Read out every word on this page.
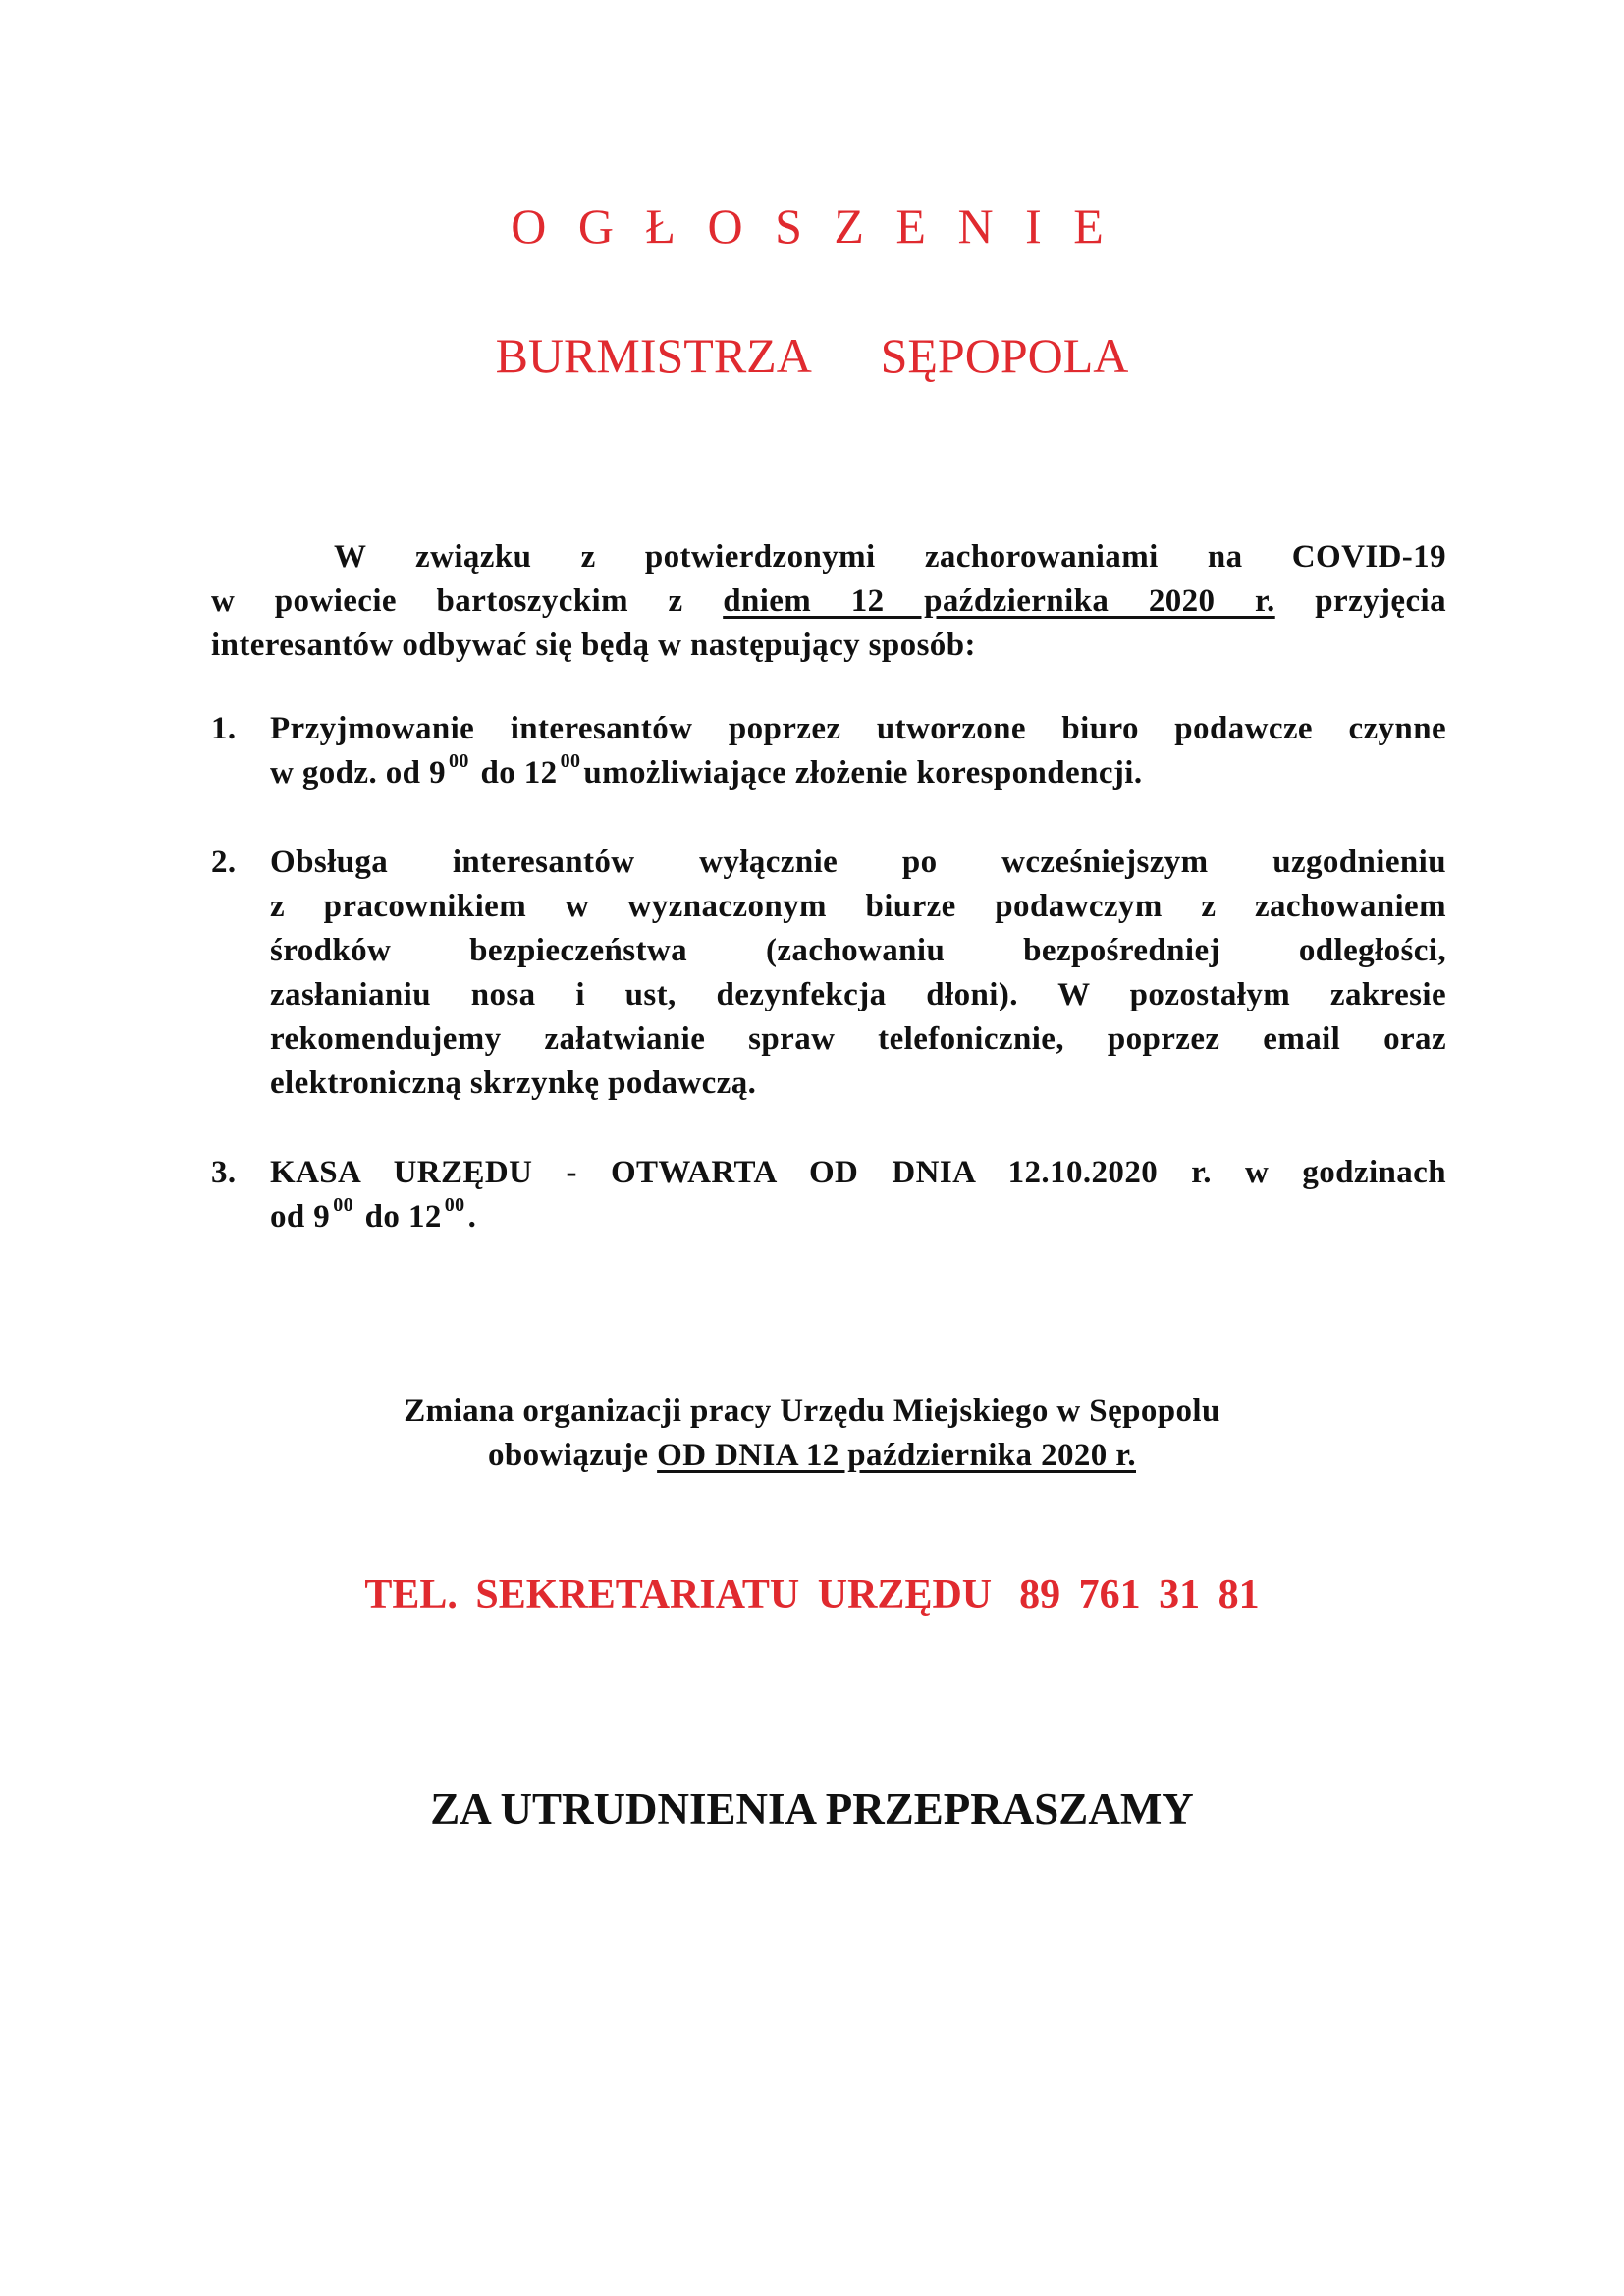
O G Ł O S Z E N I E
BURMISTRZA SĘPOPOLA
W związku z potwierdzonymi zachorowaniami na COVID-19
w powiecie bartoszyckim z dniem 12 października 2020 r. przyjęcia
interesantów odbywać się będą w następujący sposób:
1. Przyjmowanie interesantów poprzez utworzone biuro podawcze czynne
w godz. od 9 $^{00}$ do 12 $^{00}$umożliwiające złożenie korespondencji.
2. Obsługa interesantów wyłącznie po wcześniejszym uzgodnieniu
z pracownikiem w wyznaczonym biurze podawczym z zachowaniem
środków bezpieczeństwa (zachowaniu bezpośredniej odległości,
zasłanianiu nosa i ust, dezynfekcja dłoni). W pozostałym zakresie
rekomendujemy załatwianie spraw telefonicznie, poprzez email oraz
elektroniczną skrzynkę podawczą.
3. KASA URZĘDU - OTWARTA OD DNIA 12.10.2020 r. w godzinach
od 9 $^{00}$ do 12 $^{00}$.
Zmiana organizacji pracy Urzędu Miejskiego w Sępopolu
obowiązuje OD DNIA 12 października 2020 r.
TEL. SEKRETARIATU URZĘDU 89 761 31 81
ZA UTRUDNIENIA PRZEPRASZAMY
